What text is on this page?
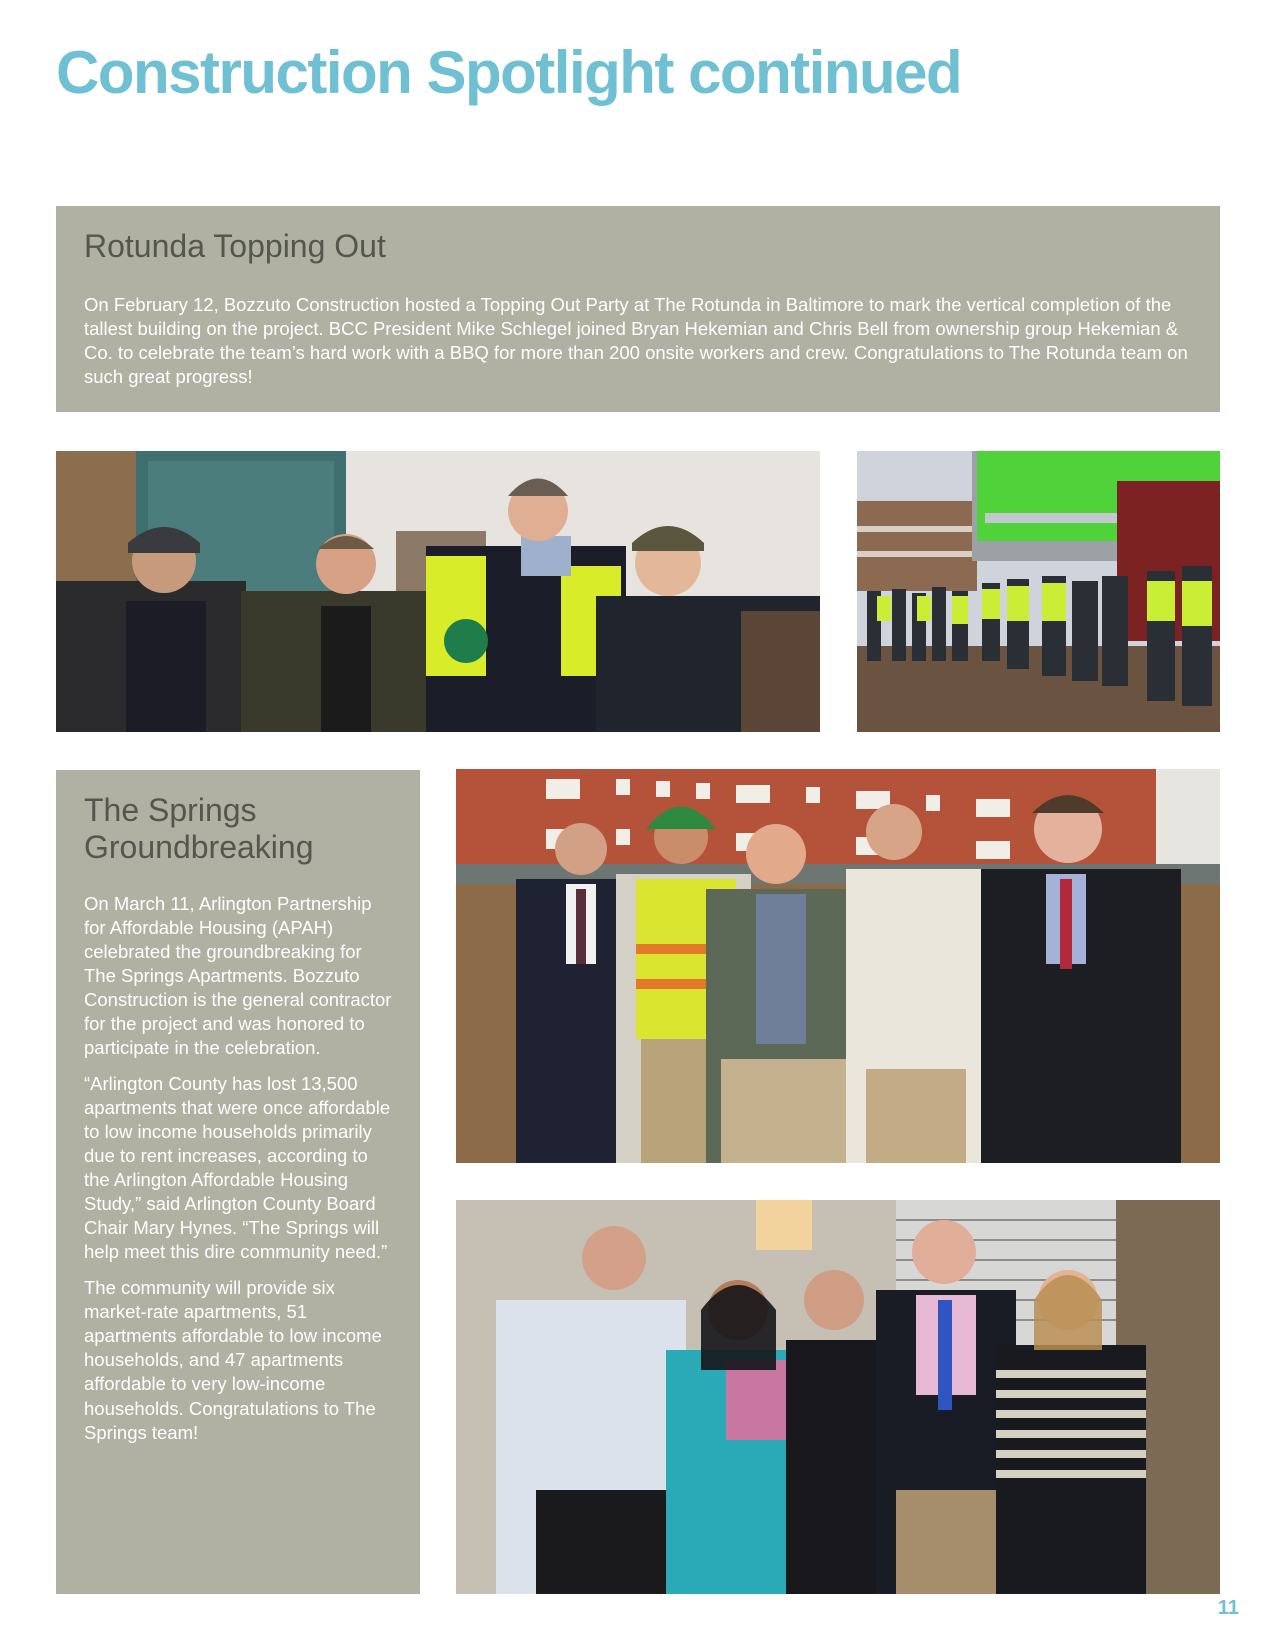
Construction Spotlight continued
Rotunda Topping Out

On February 12, Bozzuto Construction hosted a Topping Out Party at The Rotunda in Baltimore to mark the vertical completion of the tallest building on the project. BCC President Mike Schlegel joined Bryan Hekemian and Chris Bell from ownership group Hekemian & Co. to celebrate the team’s hard work with a BBQ for more than 200 onsite workers and crew. Congratulations to The Rotunda team on such great progress!

The Springs
Groundbreaking

On March 11, Arlington Partnership for Affordable Housing (APAH) celebrated the groundbreaking for The Springs Apartments. Bozzuto Construction is the general contractor for the project and was honored to participate in the celebration.

“Arlington County has lost 13,500 apartments that were once affordable to low income households primarily due to rent increases, according to the Arlington Affordable Housing Study,” said Arlington County Board Chair Mary Hynes. “The Springs will help meet this dire community need.”

The community will provide six market-rate apartments, 51 apartments affordable to low income households, and 47 apartments affordable to very low-income households. Congratulations to The Springs team!

11
